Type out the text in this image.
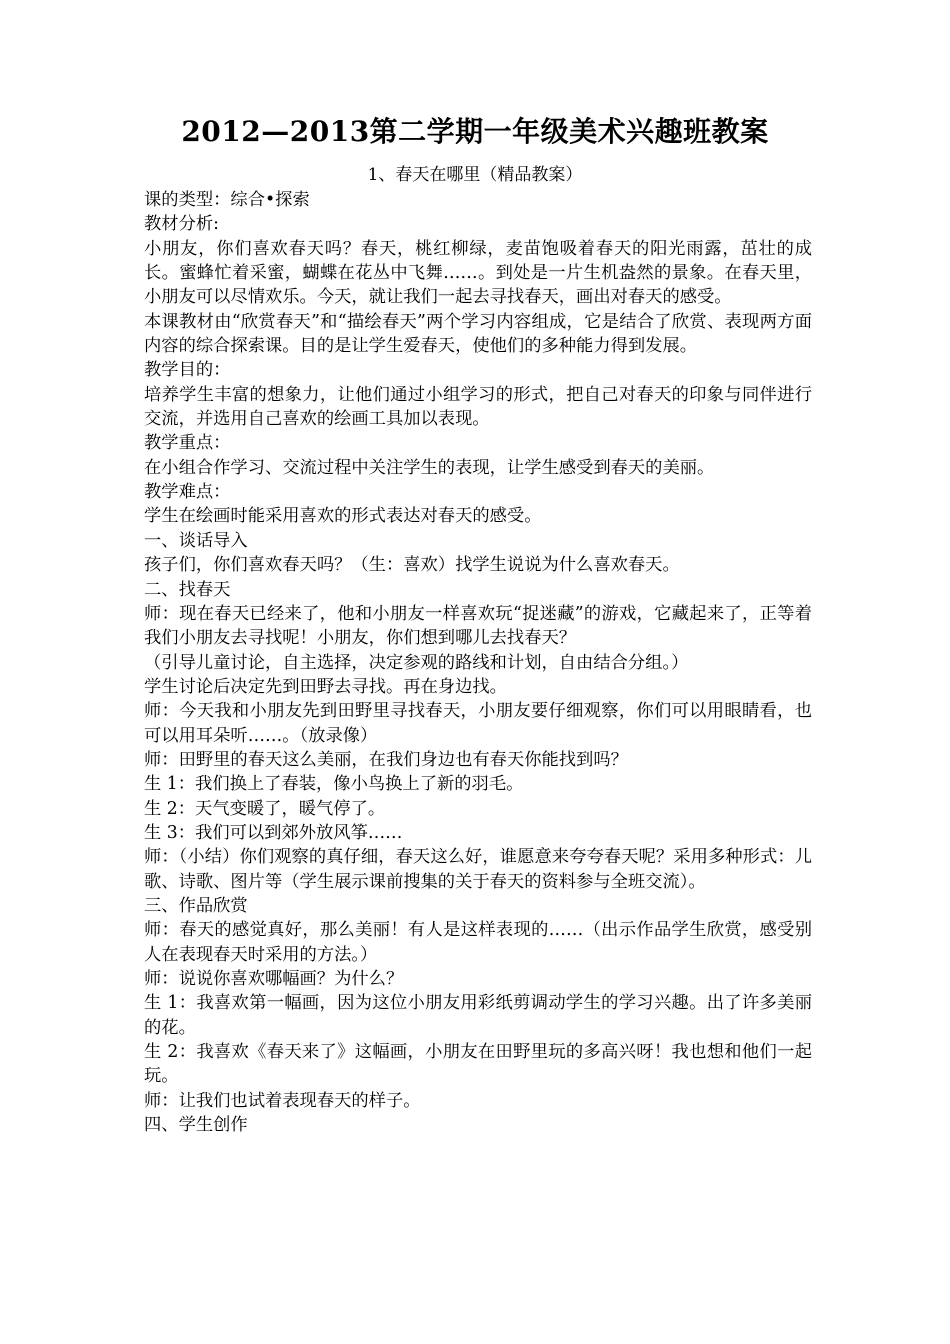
2012—2013第二学期一年级美术兴趣班教案
1、春天在哪里（精品教案）

课的类型：综合•探索

教材分析:

小朋友，你们喜欢春天吗？春天，桃红柳绿，麦苗饱吸着春天的阳光雨露，茁壮的成长。蜜蜂忙着采蜜，蝴蝶在花丛中飞舞……。到处是一片生机盎然的景象。在春天里，小朋友可以尽情欢乐。今天，就让我们一起去寻找春天，画出对春天的感受。

本课教材由“欣赏春天”和“描绘春天”两个学习内容组成，它是结合了欣赏、表现两方面内容的综合探索课。目的是让学生爱春天，使他们的多种能力得到发展。

教学目的：

培养学生丰富的想象力，让他们通过小组学习的形式，把自己对春天的印象与同伴进行交流，并选用自己喜欢的绘画工具加以表现。

教学重点：

在小组合作学习、交流过程中关注学生的表现，让学生感受到春天的美丽。

教学难点：

学生在绘画时能采用喜欢的形式表达对春天的感受。

一、谈话导入

孩子们，你们喜欢春天吗？（生：喜欢）找学生说说为什么喜欢春天。

二、找春天

师：现在春天已经来了，他和小朋友一样喜欢玩“捉迷藏”的游戏，它藏起来了，正等着我们小朋友去寻找呢！小朋友，你们想到哪儿去找春天？

（引导儿童讨论，自主选择，决定参观的路线和计划，自由结合分组。）

学生讨论后决定先到田野去寻找。再在身边找。

师：今天我和小朋友先到田野里寻找春天，小朋友要仔细观察，你们可以用眼睛看，也可以用耳朵听……。（放录像）

师：田野里的春天这么美丽，在我们身边也有春天你能找到吗？

生 1：我们换上了春装，像小鸟换上了新的羽毛。

生 2：天气变暖了，暖气停了。

生 3：我们可以到郊外放风筝……

师：（小结）你们观察的真仔细，春天这么好，谁愿意来夸夸春天呢？采用多种形式：儿歌、诗歌、图片等（学生展示课前搜集的关于春天的资料参与全班交流）。

三、作品欣赏

师：春天的感觉真好，那么美丽！有人是这样表现的……（出示作品学生欣赏，感受别人在表现春天时采用的方法。）

师：说说你喜欢哪幅画？为什么？

生 1：我喜欢第一幅画，因为这位小朋友用彩纸剪调动学生的学习兴趣。出了许多美丽的花。

生 2：我喜欢《春天来了》这幅画，小朋友在田野里玩的多高兴呀！我也想和他们一起玩。

师：让我们也试着表现春天的样子。

四、学生创作
